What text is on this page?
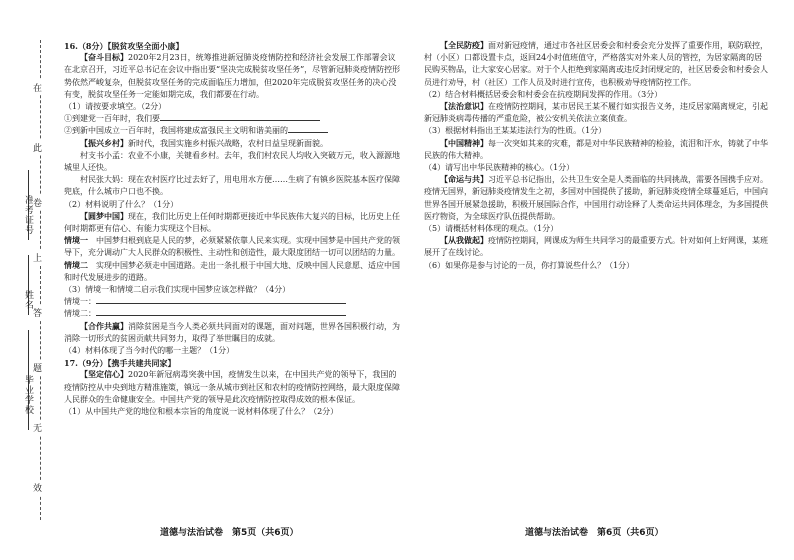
准考证号
姓名
毕业学校
在
此
卷
上
答
题
无
效

16.（8分）【脱贫攻坚全面小康】

【奋斗目标】2020年2月23日，统筹推进新冠肺炎疫情防控和经济社会发展工作部署会议在北京召开，习近平总书记在会议中指出要“坚决完成脱贫攻坚任务”，尽管新冠肺炎疫情防控形势依然严峻复杂，但脱贫攻坚任务的完成面临压力增加，但2020年完成脱贫攻坚任务的决心没有变，脱贫攻坚任务一定能如期完成，我们都要在行动。

（1）请按要求填空。（2分）

①到建党一百年时，我们要

②到新中国成立一百年时，我国将建成富强民主文明和谐美丽的

【振兴乡村】新时代，我国实施乡村振兴战略，农村日益呈现新面貌。

村支书小孟：农业不小康，关键看乡村。去年，我们村农民人均收入突破万元，收入源源地城里人还快。

村民张大妈：现在农村医疗比过去好了，用电用水方便……生病了有镇乡医院基本医疗保障兜底，什么城市户口也不换。

（2）材料说明了什么？（1分）

【圆梦中国】现在，我们比历史上任何时期都更接近中华民族伟大复兴的目标，比历史上任何时期都更有信心、有能力实现这个目标。

情境一　 中国梦归根到底是人民的梦，必须紧紧依靠人民来实现。实现中国梦是中国共产党的领导下，充分调动广大人民群众的积极性、主动性和创造性，最大限度团结一切可以团结的力量。

情境二　 实现中国梦必须走中国道路。走出一条扎根于中国大地、反映中国人民意愿、适应中国和时代发展进步的道路。

（3）情境一和情境二启示我们实现中国梦应该怎样做？（4分）

情境一：

情境二：

【合作共赢】消除贫困是当今人类必须共同面对的课题，面对问题，世界各国积极行动，为消除一切形式的贫困贡献共同努力，取得了举世瞩目的成就。

（4）材料体现了当今时代的哪一主题？（1分）

17.（9分）【携手共建共同家】

【坚定信心】2020年新冠病毒突袭中国，疫情发生以来，在中国共产党的领导下，我国的疫情防控从中央到地方精准施策，镇远一条从城市到社区和农村的疫情防控网络，最大限度保障人民群众的生命健康安全。中国共产党的领导是此次疫情防控取得成效的根本保证。

（1）从中国共产党的地位和根本宗旨的角度说一说材料体现了什么？（2分）

道德与法治试卷　第5页（共6页）

【全民防疫】面对新冠疫情，通过市各社区居委会和村委会充分发挥了重要作用，联防联控，村（小区）口都设置卡点，返回24小时值班值守，严格落实对外来人员的管控，为居家隔离的居民购买物品，让大家安心居家。对于个人拒绝到家隔离或违反封闭规定的，社区居委会和村委会人员进行劝导，村（社区）工作人员及时进行宣传，也积极劝导疫情防控工作。

（2）结合材料概括居委会和村委会在抗疫期间发挥的作用。（3分）

【法治意识】在疫情防控期间，某市居民王某不履行如实报告义务，违反居家隔离规定，引起新冠肺炎病毒传播的严重危险，被公安机关依法立案侦查。

（3）根据材料指出王某某违法行为的性质。（1分）

【中国精神】每一次突如其来的灾难，都是对中华民族精神的检验，流泪和汗水，铸就了中华民族的伟大精神。

（4）请写出中华民族精神的核心。（1分）

【命运与共】习近平总书记指出，公共卫生安全是人类面临的共同挑战，需要各国携手应对。疫情无国界，新冠肺炎疫情发生之初，多国对中国提供了援助，新冠肺炎疫情全球蔓延后，中国向世界各国开展紧急援助，积极开展国际合作，中国用行动诠释了人类命运共同体理念，为多国提供医疗物资，为全球医疗队伍提供帮助。

（5）请概括材料体现的观点。（1分）

【从我做起】疫情防控期间，网课成为师生共同学习的最重要方式。针对如何上好网课，某班展开了在线讨论。

（6）如果你是参与讨论的一员，你打算说些什么？（1分）

道德与法治试卷　第6页（共6页）
